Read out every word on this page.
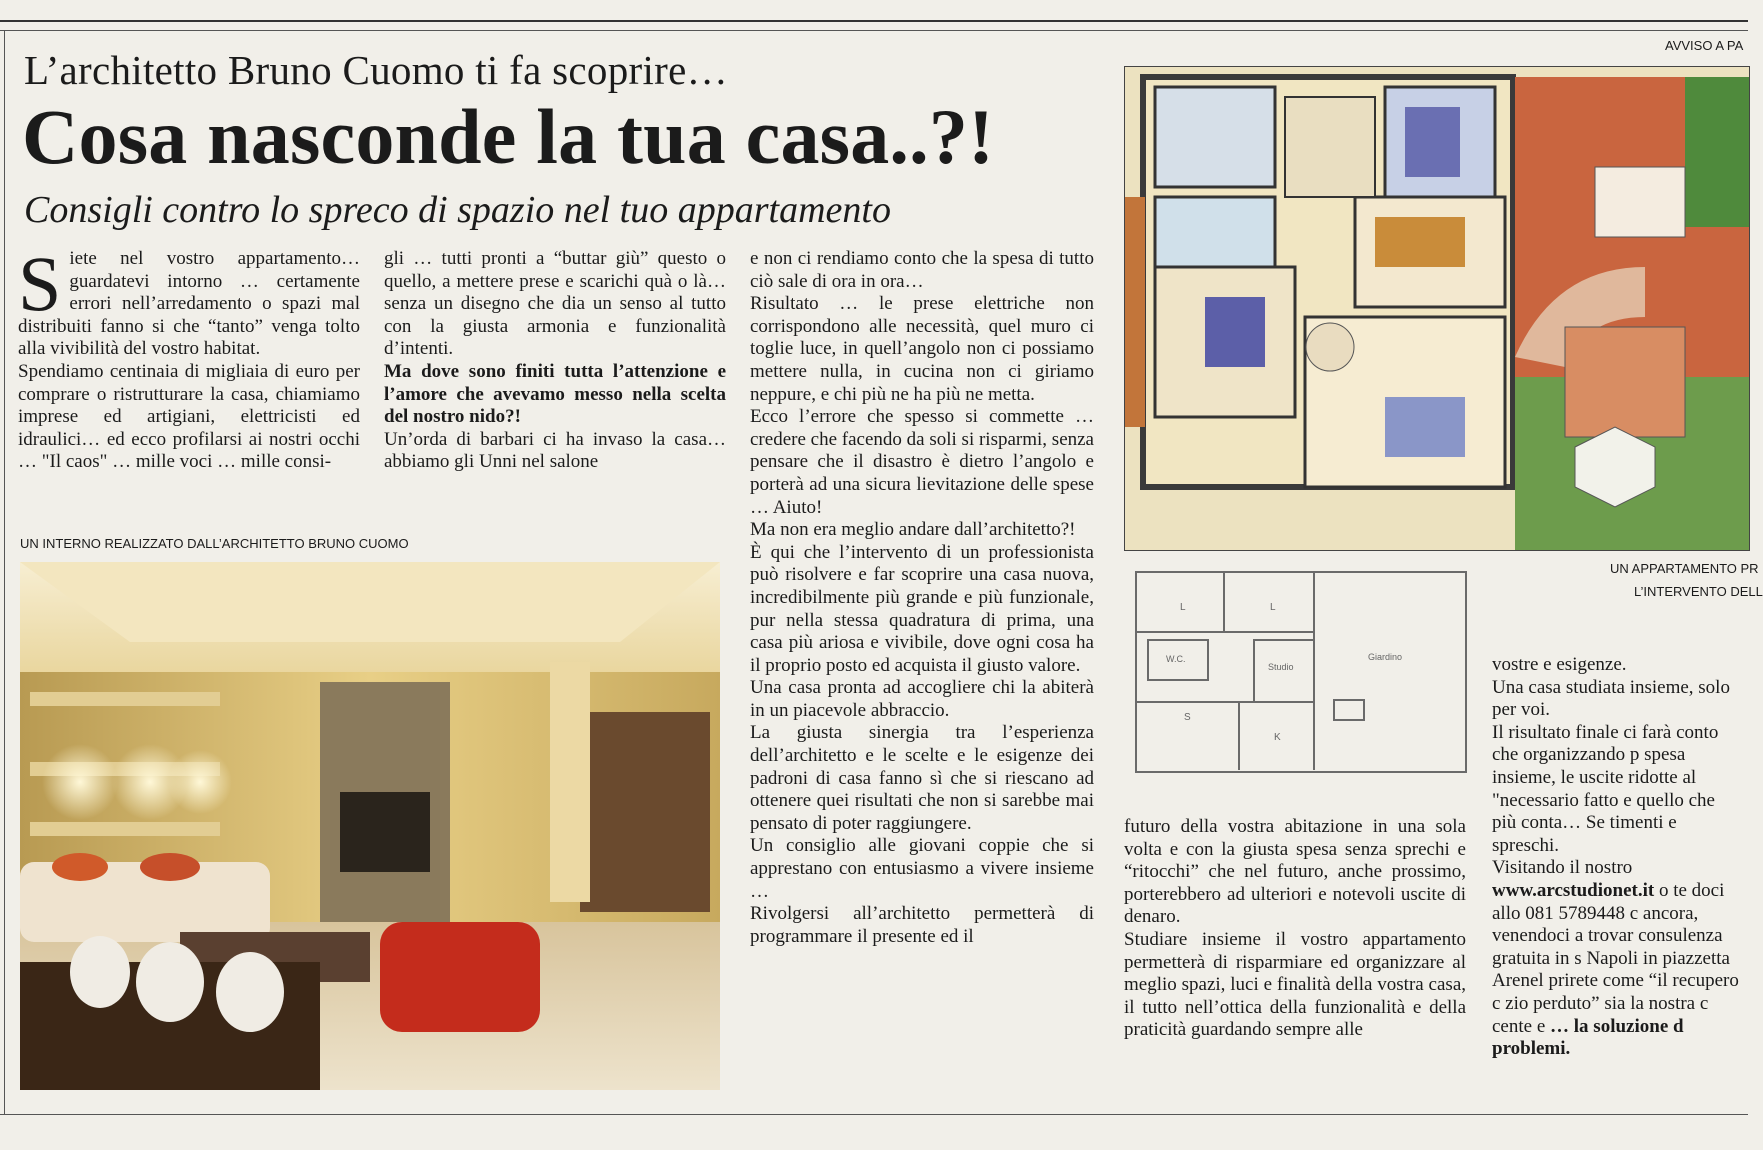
AVVISO A PA
L’architetto Bruno Cuomo ti fa scoprire…
Cosa nasconde la tua casa..?!
Consigli contro lo spreco di spazio nel tuo appartamento

Siete nel vostro appartamento… guardatevi intorno … certamente errori nell’arredamento o spazi mal distribuiti fanno si che “tanto” venga tolto alla vivibilità del vostro habitat.

Spendiamo centinaia di migliaia di euro per comprare o ristrutturare la casa, chiamiamo imprese ed artigiani, elettricisti ed idraulici… ed ecco profilarsi ai nostri occhi … "Il caos" … mille voci … mille consi-

gli … tutti pronti a “buttar giù” questo o quello, a mettere prese e scarichi quà o là… senza un disegno che dia un senso al tutto con la giusta armonia e funzionalità d’intenti.

Ma dove sono finiti tutta l’attenzione e l’amore che avevamo messo nella scelta del nostro nido?!

Un’orda di barbari ci ha invaso la casa…abbiamo gli Unni nel salone

UN INTERNO REALIZZATO DALL’ARCHITETTO BRUNO CUOMO

e non ci rendiamo conto che la spesa di tutto ciò sale di ora in ora…

Risultato … le prese elettriche non corrispondono alle necessità, quel muro ci toglie luce, in quell’angolo non ci possiamo mettere nulla, in cucina non ci giriamo neppure, e chi più ne ha più ne metta.

Ecco l’errore che spesso si commette … credere che facendo da soli si risparmi, senza pensare che il disastro è dietro l’angolo e porterà ad una sicura lievitazione delle spese … Aiuto!

Ma non era meglio andare dall’architetto?!

È qui che l’intervento di un professionista può risolvere e far scoprire una casa nuova, incredibilmente più grande e più funzionale, pur nella stessa quadratura di prima, una casa più ariosa e vivibile, dove ogni cosa ha il proprio posto ed acquista il giusto valore.

Una casa pronta ad accogliere chi la abiterà in un piacevole abbraccio.

La giusta sinergia tra l’esperienza dell’architetto e le scelte e le esigenze dei padroni di casa fanno sì che si riescano ad ottenere quei risultati che non si sarebbe mai pensato di poter raggiungere.

Un consiglio alle giovani coppie che si apprestano con entusiasmo a vivere insieme …

Rivolgersi all’architetto permetterà di programmare il presente ed il

UN APPARTAMENTO PR
L’INTERVENTO DELL
L	L
W.C.
Studio
Giardino
S
K

futuro della vostra abitazione in una sola volta e con la giusta spesa senza sprechi e “ritocchi” che nel futuro, anche prossimo, porterebbero ad ulteriori e notevoli uscite di denaro.

Studiare insieme il vostro appartamento permetterà di risparmiare ed organizzare al meglio spazi, luci e finalità della vostra casa, il tutto nell’ottica della funzionalità e della praticità guardando sempre alle

vostre e esigenze.

Una casa studiata insieme, solo per voi.

Il risultato finale ci farà conto che organizzando p spesa insieme, le uscite ridotte al "necessario fatto e quello che più conta… Se timenti e spreschi.

Visitando il nostro www.arcstudionet.it o te doci allo 081 5789448 c ancora, venendoci a trovar consulenza gratuita in s Napoli in piazzetta Arenel prirete come “il recupero c zio perduto” sia la nostra c cente e … la soluzione d problemi.
